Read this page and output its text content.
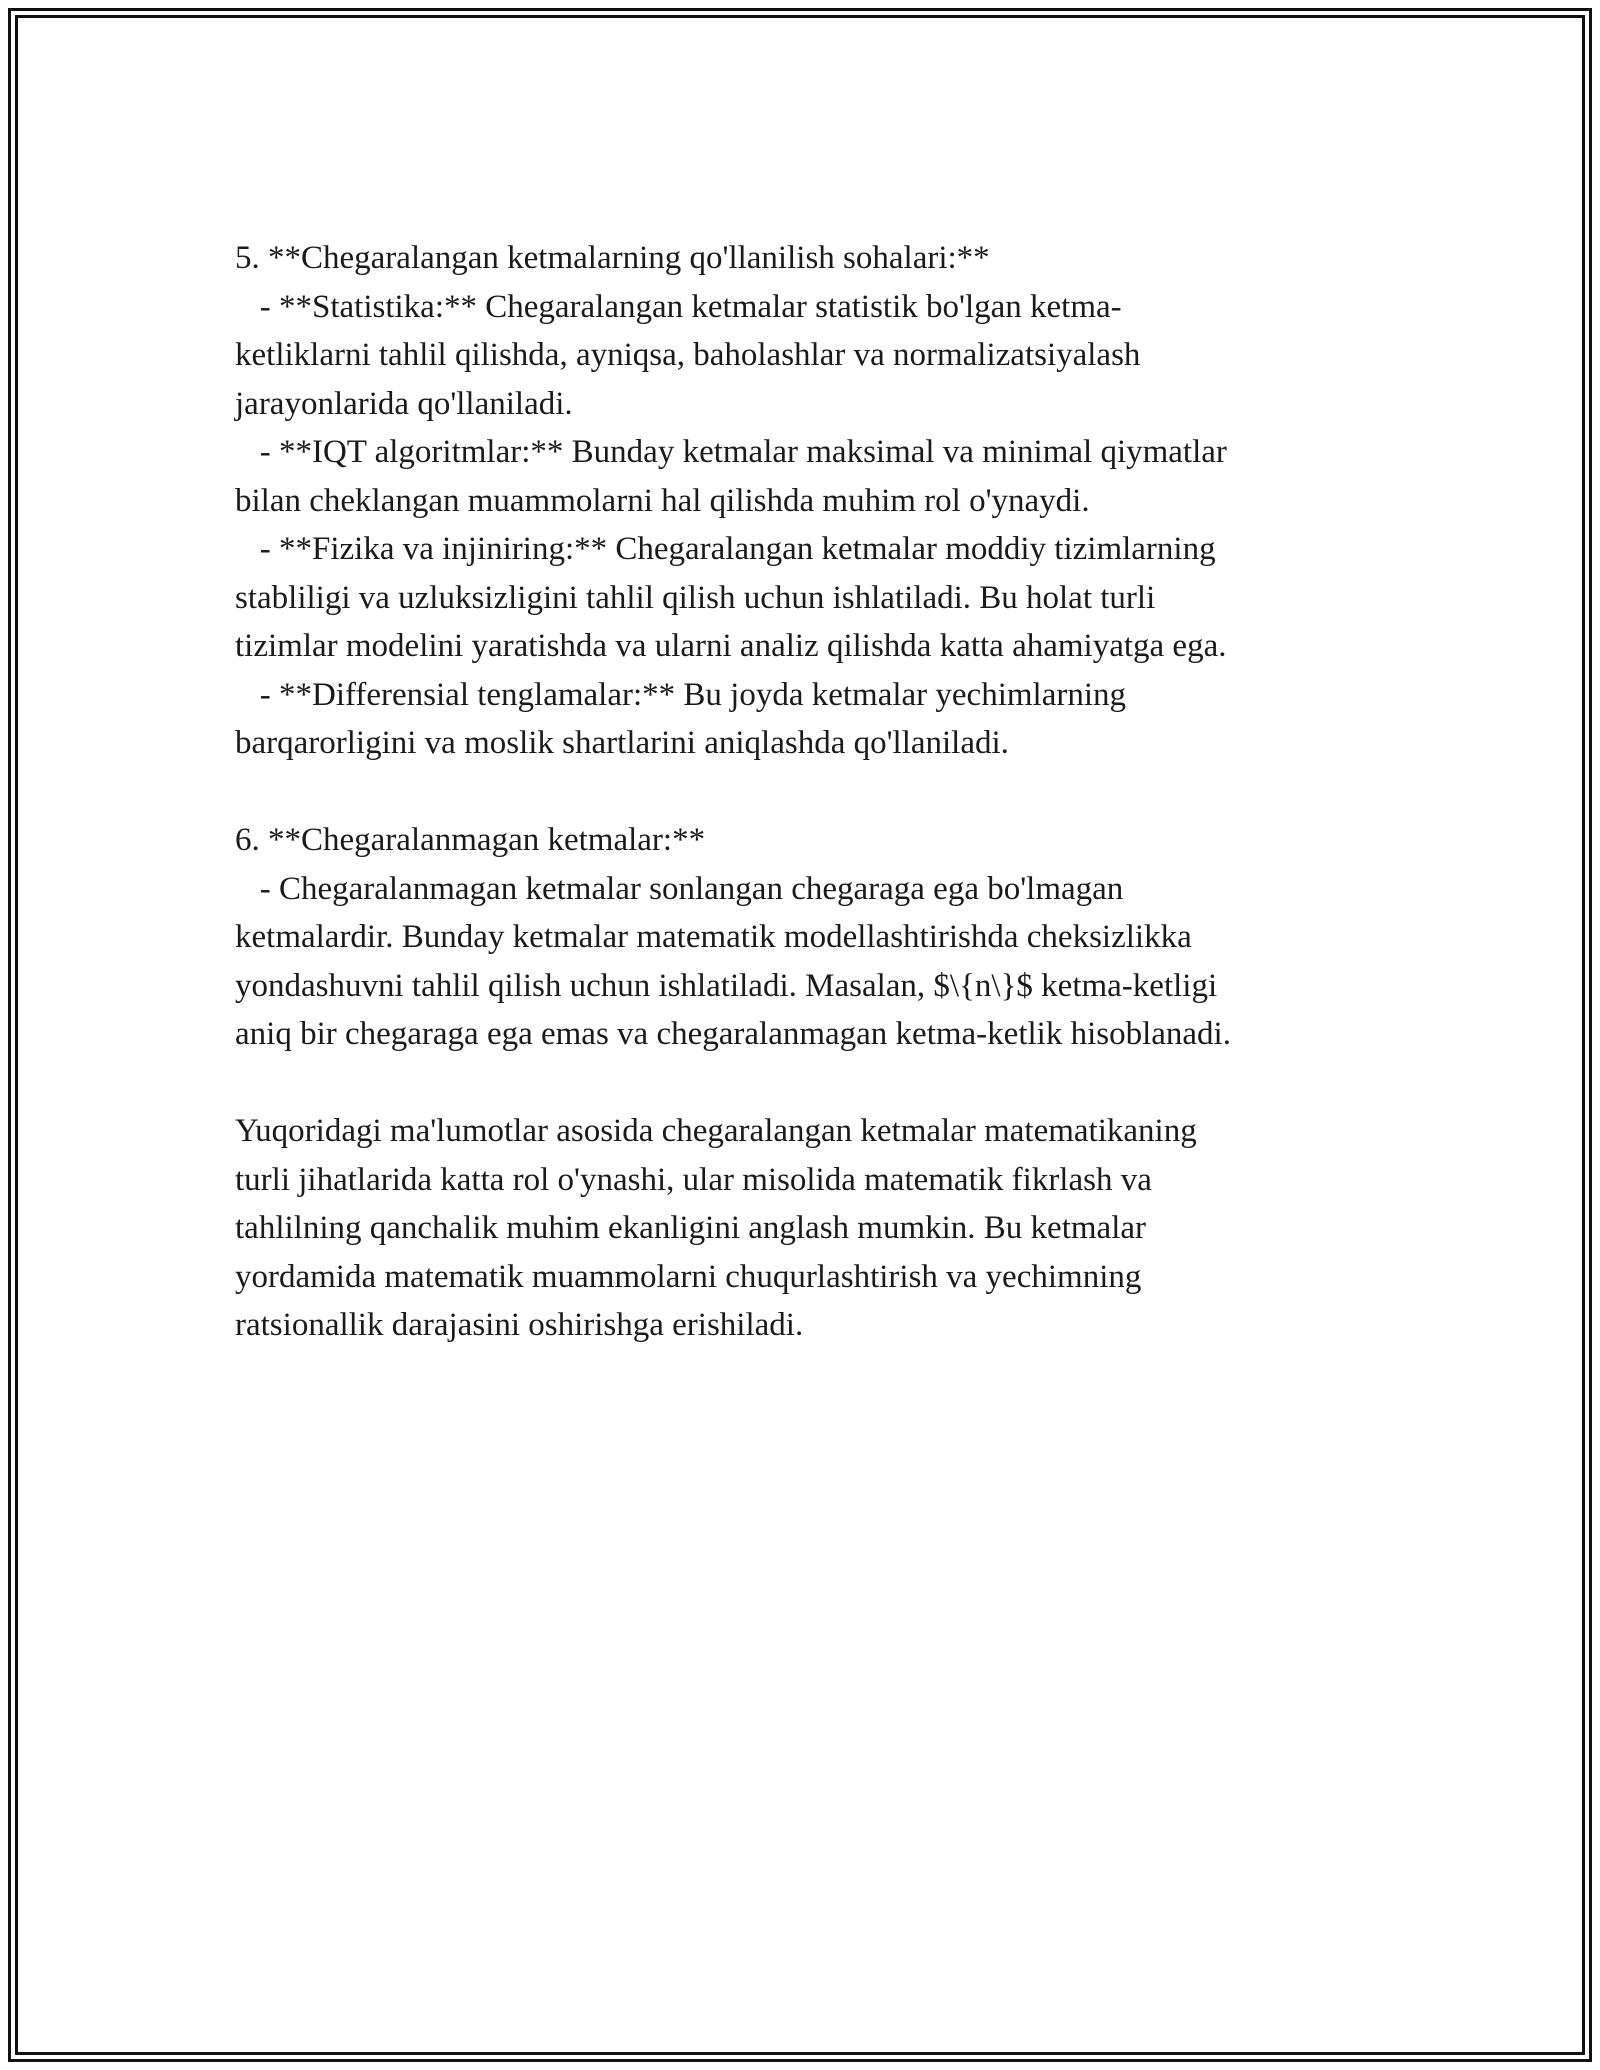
5. **Chegaralangan ketmalarning qo'llanilish sohalari:**
- **Statistika:** Chegaralangan ketmalar statistik bo'lgan ketma-
ketliklarni tahlil qilishda, ayniqsa, baholashlar va normalizatsiyalash
jarayonlarida qo'llaniladi.
- **IQT algoritmlar:** Bunday ketmalar maksimal va minimal qiymatlar
bilan cheklangan muammolarni hal qilishda muhim rol o'ynaydi.
- **Fizika va injiniring:** Chegaralangan ketmalar moddiy tizimlarning
stabliligi va uzluksizligini tahlil qilish uchun ishlatiladi. Bu holat turli
tizimlar modelini yaratishda va ularni analiz qilishda katta ahamiyatga ega.
- **Differensial tenglamalar:** Bu joyda ketmalar yechimlarning
barqarorligini va moslik shartlarini aniqlashda qo'llaniladi.
6. **Chegaralanmagan ketmalar:**
- Chegaralanmagan ketmalar sonlangan chegaraga ega bo'lmagan
ketmalardir. Bunday ketmalar matematik modellashtirishda cheksizlikka
yondashuvni tahlil qilish uchun ishlatiladi. Masalan, $\{n\}$ ketma-ketligi
aniq bir chegaraga ega emas va chegaralanmagan ketma-ketlik hisoblanadi.
Yuqoridagi ma'lumotlar asosida chegaralangan ketmalar matematikaning
turli jihatlarida katta rol o'ynashi, ular misolida matematik fikrlash va
tahlilning qanchalik muhim ekanligini anglash mumkin. Bu ketmalar
yordamida matematik muammolarni chuqurlashtirish va yechimning
ratsionallik darajasini oshirishga erishiladi.
